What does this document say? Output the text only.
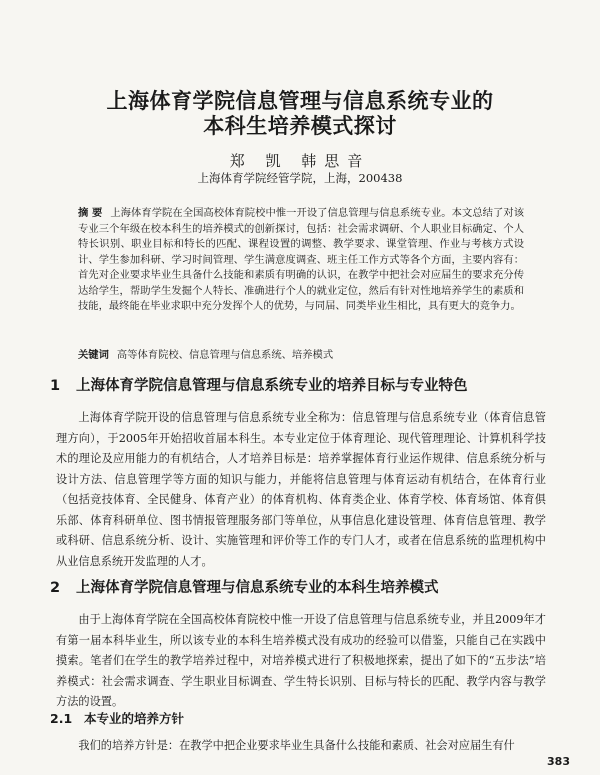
上海体育学院信息管理与信息系统专业的
本科生培养模式探讨
郑 凯 韩思音
上海体育学院经管学院，上海，200438
摘 要 上海体育学院在全国高校体育院校中惟一开设了信息管理与信息系统专业。本文总结了对该专业三个年级在校本科生的培养模式的创新探讨，包括：社会需求调研、个人职业目标确定、个人特长识别、职业目标和特长的匹配、课程设置的调整、教学要求、课堂管理、作业与考核方式设计、学生参加科研、学习时间管理、学生满意度调查、班主任工作方式等各个方面，主要内容有：首先对企业要求毕业生具备什么技能和素质有明确的认识，在教学中把社会对应届生的要求充分传达给学生，帮助学生发掘个人特长、准确进行个人的就业定位，然后有针对性地培养学生的素质和技能，最终能在毕业求职中充分发挥个人的优势，与同届、同类毕业生相比，具有更大的竞争力。
关键词 高等体育院校、信息管理与信息系统、培养模式
1 上海体育学院信息管理与信息系统专业的培养目标与专业特色
上海体育学院开设的信息管理与信息系统专业全称为：信息管理与信息系统专业（体育信息管理方向），于2005年开始招收首届本科生。本专业定位于体育理论、现代管理理论、计算机科学技术的理论及应用能力的有机结合，人才培养目标是：培养掌握体育行业运作规律、信息系统分析与设计方法、信息管理学等方面的知识与能力，并能将信息管理与体育运动有机结合，在体育行业（包括竞技体育、全民健身、体育产业）的体育机构、体育类企业、体育学校、体育场馆、体育俱乐部、体育科研单位、图书情报管理服务部门等单位，从事信息化建设管理、体育信息管理、教学或科研、信息系统分析、设计、实施管理和评价等工作的专门人才，或者在信息系统的监理机构中从业信息系统开发监理的人才。
2 上海体育学院信息管理与信息系统专业的本科生培养模式
由于上海体育学院在全国高校体育院校中惟一开设了信息管理与信息系统专业，并且2009年才有第一届本科毕业生，所以该专业的本科生培养模式没有成功的经验可以借鉴，只能自己在实践中摸索。笔者们在学生的教学培养过程中，对培养模式进行了积极地探索，提出了如下的“五步法”培养模式：社会需求调查、学生职业目标调查、学生特长识别、目标与特长的匹配、教学内容与教学方法的设置。
2.1 本专业的培养方针
我们的培养方针是：在教学中把企业要求毕业生具备什么技能和素质、社会对应届生有什
383
